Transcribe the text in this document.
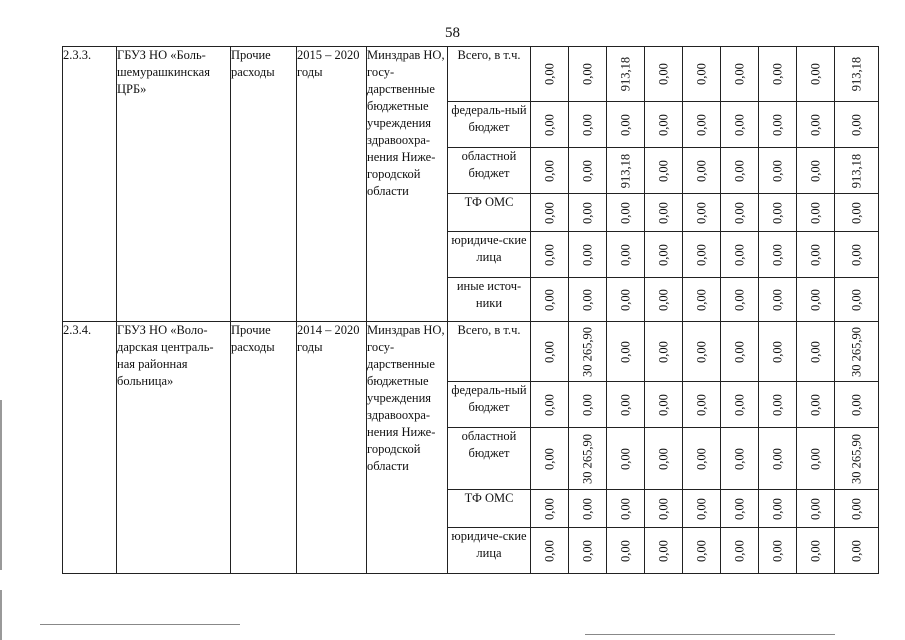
58
2.3.3.	ГБУЗ НО «Боль-шемурашкинская ЦРБ»	Прочие расходы	2015 – 2020 годы	Минздрав НО, госу-дарственные бюджетные учреждения здравоохра-нения Ниже-городской области	Всего, в т.ч.	0,00	0,00	913,18	0,00	0,00	0,00	0,00	0,00	913,18

					федераль-ный бюджет	0,00	0,00	0,00	0,00	0,00	0,00	0,00	0,00	0,00

					областной бюджет	0,00	0,00	913,18	0,00	0,00	0,00	0,00	0,00	913,18

					ТФ ОМС	0,00	0,00	0,00	0,00	0,00	0,00	0,00	0,00	0,00

					юридиче-ские лица	0,00	0,00	0,00	0,00	0,00	0,00	0,00	0,00	0,00

					иные источ-ники	0,00	0,00	0,00	0,00	0,00	0,00	0,00	0,00	0,00

2.3.4.	ГБУЗ НО «Воло-дарская централь-ная районная больница»	Прочие расходы	2014 – 2020 годы	Минздрав НО, госу-дарственные бюджетные учреждения здравоохра-нения Ниже-городской области	Всего, в т.ч.	0,00	30 265,90	0,00	0,00	0,00	0,00	0,00	0,00	30 265,90

					федераль-ный бюджет	0,00	0,00	0,00	0,00	0,00	0,00	0,00	0,00	0,00

					областной бюджет	0,00	30 265,90	0,00	0,00	0,00	0,00	0,00	0,00	30 265,90

					ТФ ОМС	0,00	0,00	0,00	0,00	0,00	0,00	0,00	0,00	0,00

					юридиче-ские лица	0,00	0,00	0,00	0,00	0,00	0,00	0,00	0,00	0,00
